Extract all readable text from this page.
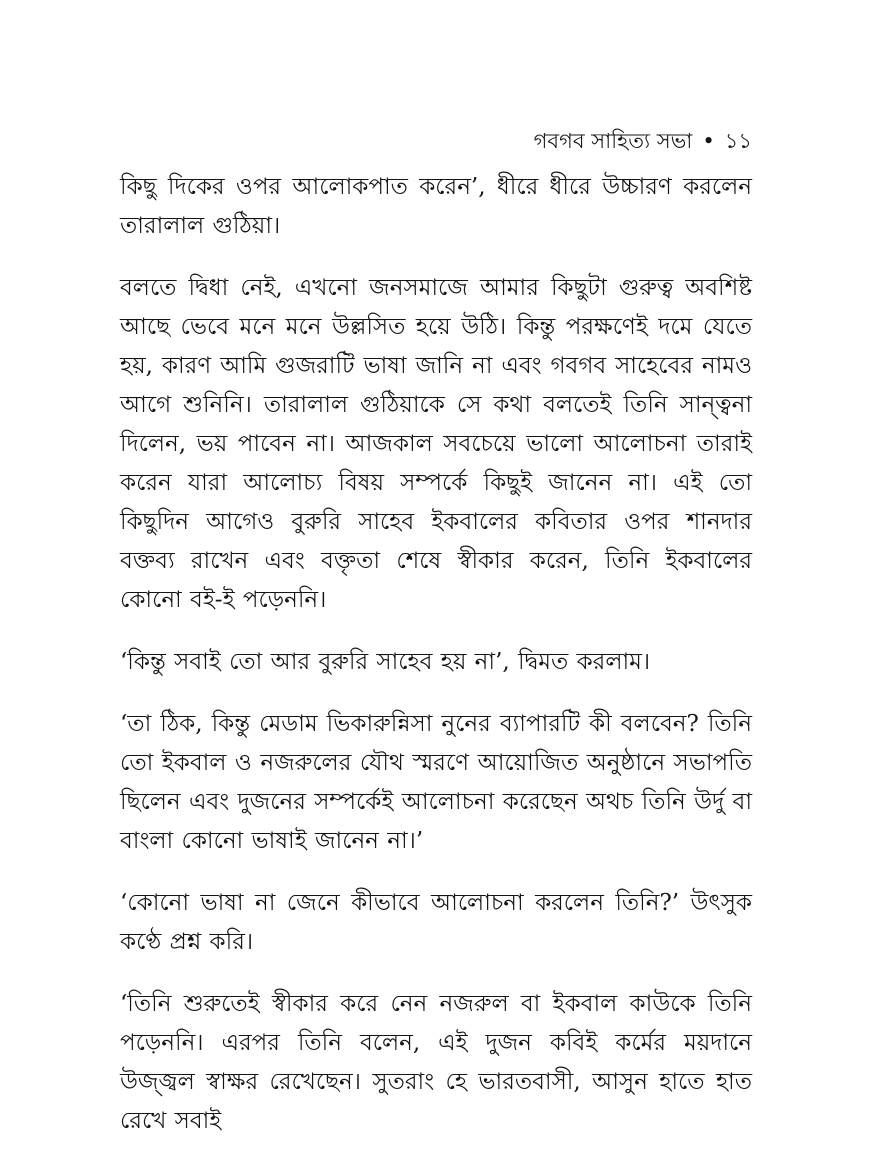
গবগব সাহিত্য সভা • ১১

কিছু দিকের ওপর আলোকপাত করেন’, ধীরে ধীরে উচ্চারণ করলেন তারালাল গুঠিয়া।

বলতে দ্বিধা নেই, এখনো জনসমাজে আমার কিছুটা গুরুত্ব অবশিষ্ট আছে ভেবে মনে মনে উল্লসিত হয়ে উঠি। কিন্তু পরক্ষণেই দমে যেতে হয়, কারণ আমি গুজরাটি ভাষা জানি না এবং গবগব সাহেবের নামও আগে শুনিনি। তারালাল গুঠিয়াকে সে কথা বলতেই তিনি সান্ত্বনা দিলেন, ভয় পাবেন না। আজকাল সবচেয়ে ভালো আলোচনা তারাই করেন যারা আলোচ্য বিষয় সম্পর্কে কিছুই জানেন না। এই তো কিছুদিন আগেও বুরুরি সাহেব ইকবালের কবিতার ওপর শানদার বক্তব্য রাখেন এবং বক্তৃতা শেষে স্বীকার করেন, তিনি ইকবালের কোনো বই-ই পড়েননি।

‘কিন্তু সবাই তো আর বুরুরি সাহেব হয় না’, দ্বিমত করলাম।

‘তা ঠিক, কিন্তু মেডাম ভিকারুন্নিসা নুনের ব্যাপারটি কী বলবেন? তিনি তো ইকবাল ও নজরুলের যৌথ স্মরণে আয়োজিত অনুষ্ঠানে সভাপতি ছিলেন এবং দুজনের সম্পর্কেই আলোচনা করেছেন অথচ তিনি উর্দু বা বাংলা কোনো ভাষাই জানেন না।’

‘কোনো ভাষা না জেনে কীভাবে আলোচনা করলেন তিনি?’ উৎসুক কণ্ঠে প্রশ্ন করি।

‘তিনি শুরুতেই স্বীকার করে নেন নজরুল বা ইকবাল কাউকে তিনি পড়েননি। এরপর তিনি বলেন, এই দুজন কবিই কর্মের ময়দানে উজ্জ্বল স্বাক্ষর রেখেছেন। সুতরাং হে ভারতবাসী, আসুন হাতে হাত রেখে সবাই
